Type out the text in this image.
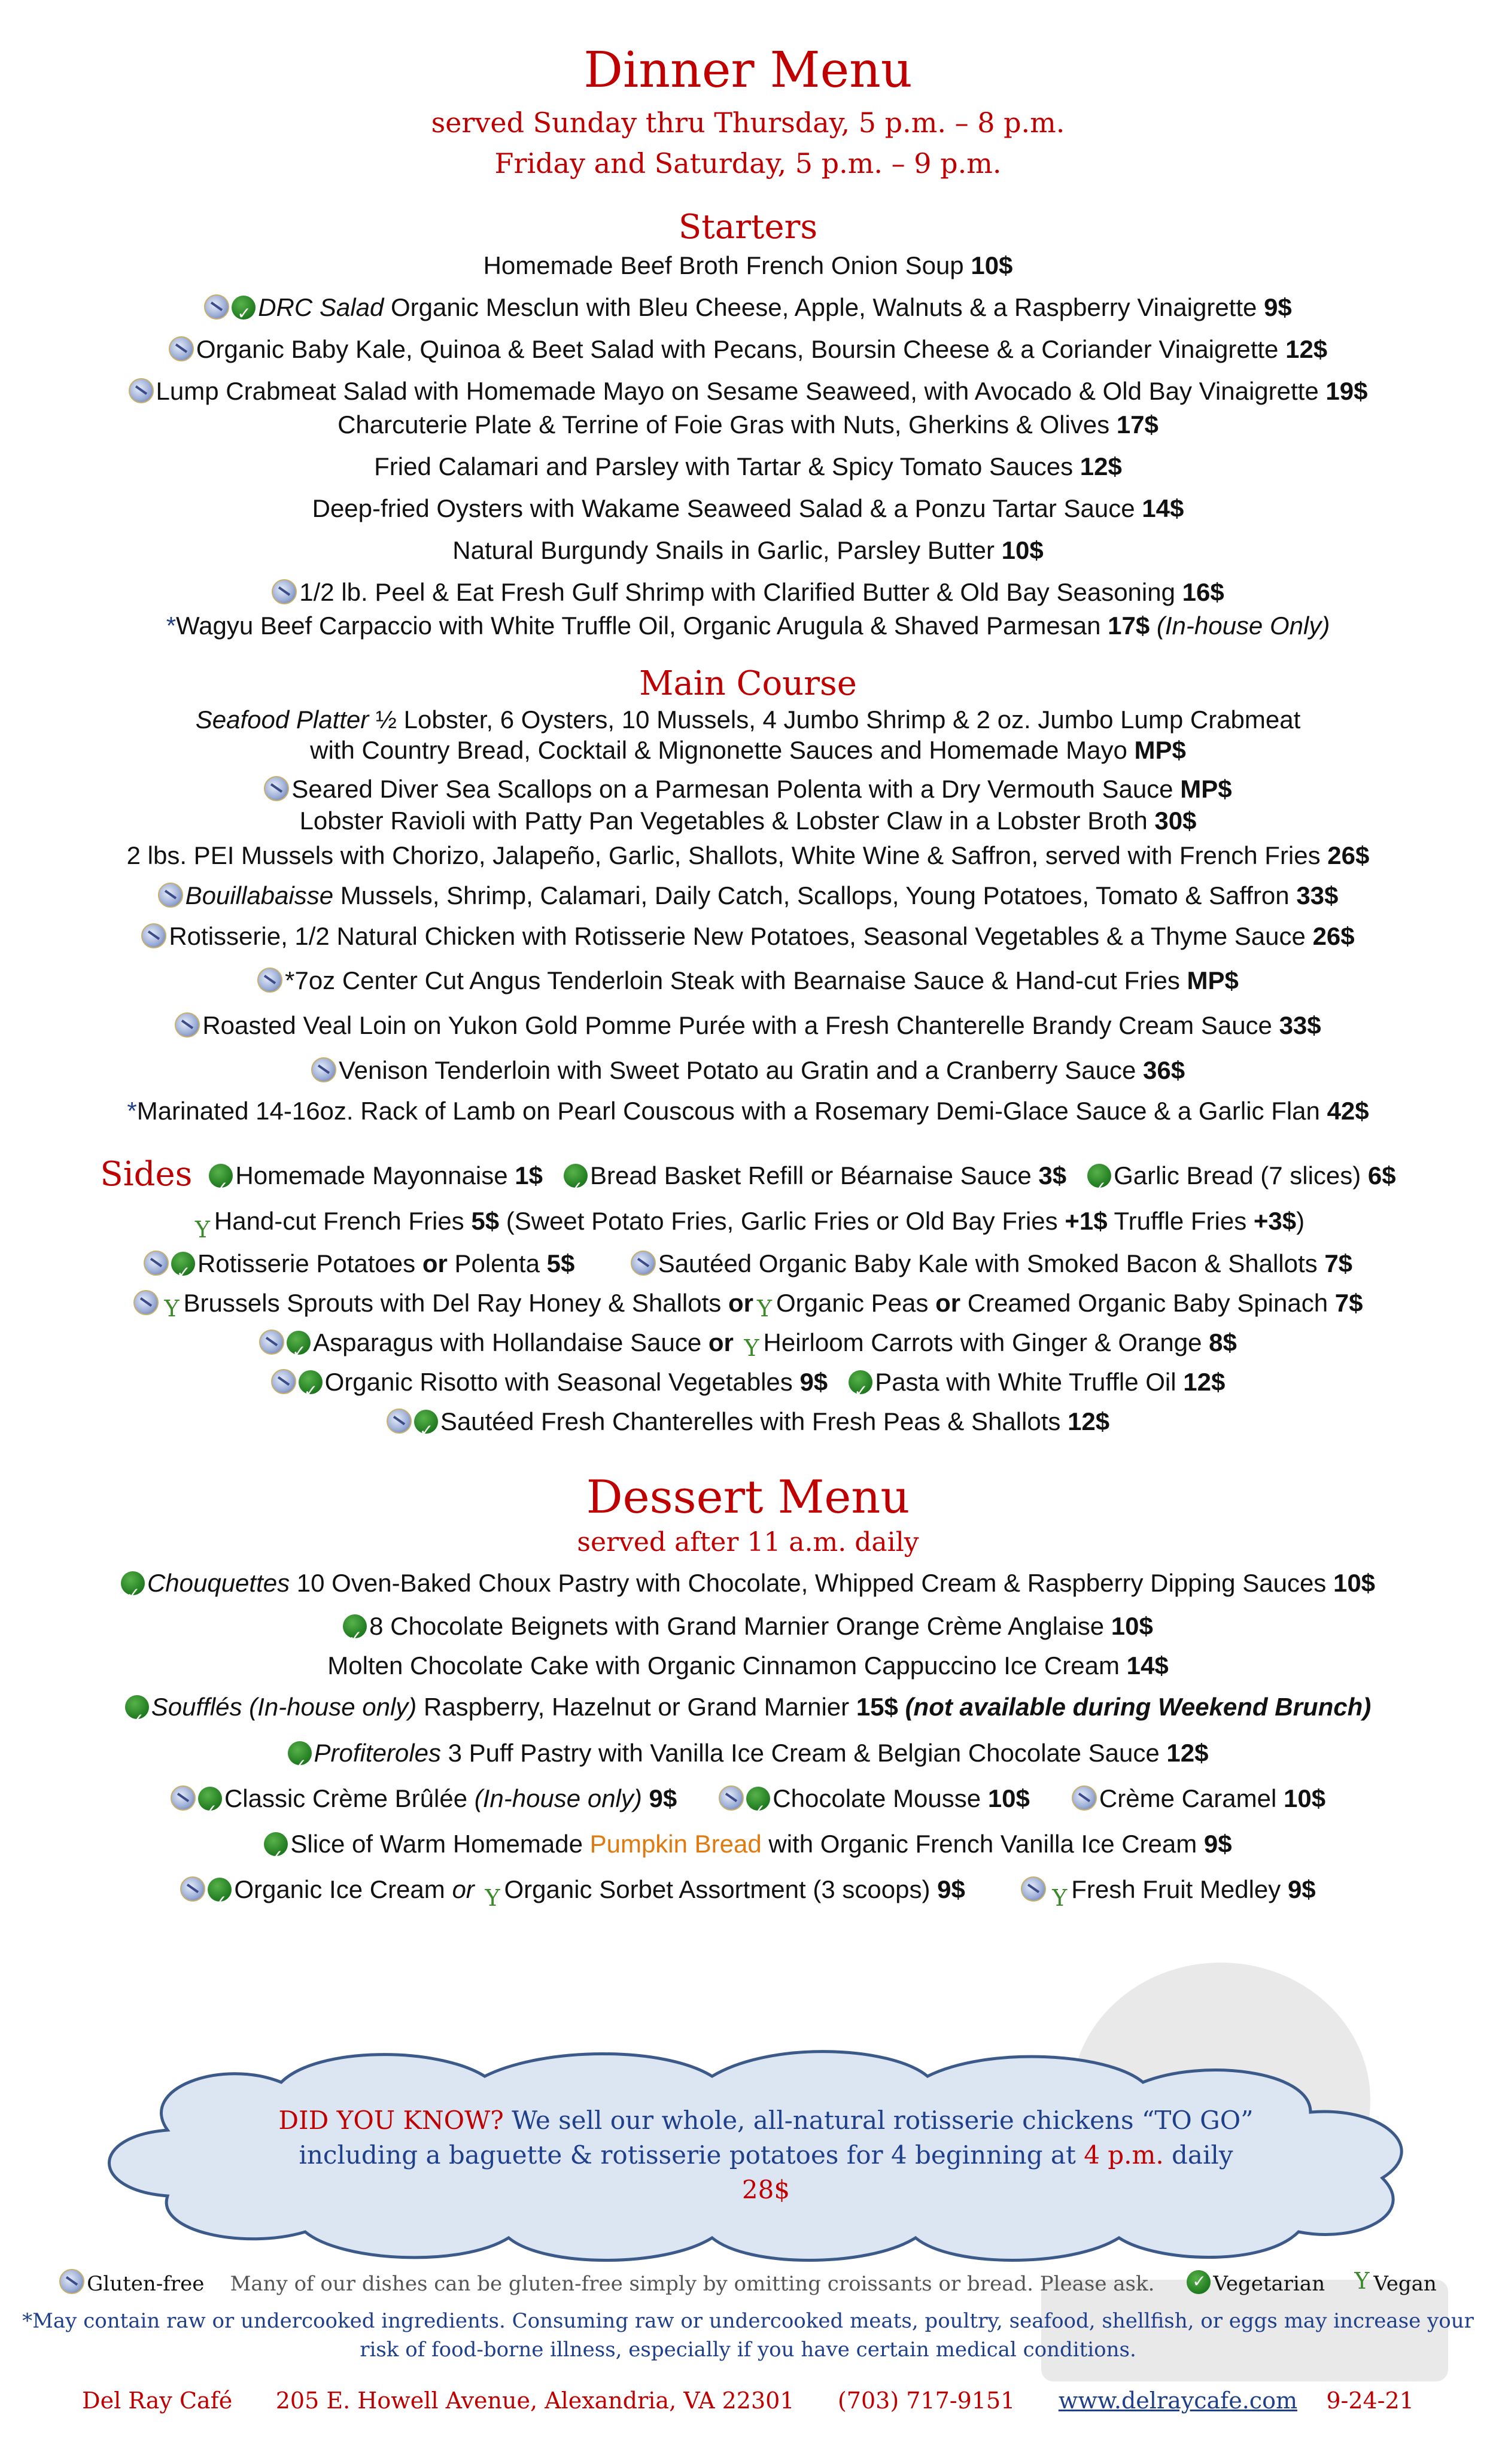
Dinner Menu
served Sunday thru Thursday, 5 p.m. – 8 p.m.
Friday and Saturday, 5 p.m. – 9 p.m.
Starters
Homemade Beef Broth French Onion Soup 10$
✓DRC Salad Organic Mesclun with Bleu Cheese, Apple, Walnuts & a Raspberry Vinaigrette 9$
Organic Baby Kale, Quinoa & Beet Salad with Pecans, Boursin Cheese & a Coriander Vinaigrette 12$
Lump Crabmeat Salad with Homemade Mayo on Sesame Seaweed, with Avocado & Old Bay Vinaigrette 19$
Charcuterie Plate & Terrine of Foie Gras with Nuts, Gherkins & Olives 17$
Fried Calamari and Parsley with Tartar & Spicy Tomato Sauces 12$
Deep-fried Oysters with Wakame Seaweed Salad & a Ponzu Tartar Sauce 14$
Natural Burgundy Snails in Garlic, Parsley Butter 10$
1/2 lb. Peel & Eat Fresh Gulf Shrimp with Clarified Butter & Old Bay Seasoning 16$
*Wagyu Beef Carpaccio with White Truffle Oil, Organic Arugula & Shaved Parmesan 17$ (In-house Only)
Main Course
Seafood Platter ½ Lobster, 6 Oysters, 10 Mussels, 4 Jumbo Shrimp & 2 oz. Jumbo Lump Crabmeat
with Country Bread, Cocktail & Mignonette Sauces and Homemade Mayo MP$
Seared Diver Sea Scallops on a Parmesan Polenta with a Dry Vermouth Sauce MP$
Lobster Ravioli with Patty Pan Vegetables & Lobster Claw in a Lobster Broth 30$
2 lbs. PEI Mussels with Chorizo, Jalapeño, Garlic, Shallots, White Wine & Saffron, served with French Fries 26$
Bouillabaisse Mussels, Shrimp, Calamari, Daily Catch, Scallops, Young Potatoes, Tomato & Saffron 33$
Rotisserie, 1/2 Natural Chicken with Rotisserie New Potatoes, Seasonal Vegetables & a Thyme Sauce 26$
*7oz Center Cut Angus Tenderloin Steak with Bearnaise Sauce & Hand-cut Fries MP$
Roasted Veal Loin on Yukon Gold Pomme Purée with a Fresh Chanterelle Brandy Cream Sauce 33$
Venison Tenderloin with Sweet Potato au Gratin and a Cranberry Sauce 36$
*Marinated 14-16oz. Rack of Lamb on Pearl Couscous with a Rosemary Demi-Glace Sauce & a Garlic Flan 42$
Sides ✓ Homemade Mayonnaise 1$ ✓ Bread Basket Refill or Béarnaise Sauce 3$ ✓ Garlic Bread (7 slices) 6$
YHand-cut French Fries 5$ (Sweet Potato Fries, Garlic Fries or Old Bay Fries +1$ Truffle Fries +3$)
✓Rotisserie Potatoes or Polenta 5$	Sautéed Organic Baby Kale with Smoked Bacon & Shallots 7$
YBrussels Sprouts with Del Ray Honey & Shallots or Y Organic Peas or Creamed Organic Baby Spinach 7$
✓Asparagus with Hollandaise Sauce or Y Heirloom Carrots with Ginger & Orange 8$
✓Organic Risotto with Seasonal Vegetables 9$ ✓ Pasta with White Truffle Oil 12$
✓Sautéed Fresh Chanterelles with Fresh Peas & Shallots 12$
Dessert Menu
served after 11 a.m. daily
✓Chouquettes 10 Oven-Baked Choux Pastry with Chocolate, Whipped Cream & Raspberry Dipping Sauces 10$
✓8 Chocolate Beignets with Grand Marnier Orange Crème Anglaise 10$
Molten Chocolate Cake with Organic Cinnamon Cappuccino Ice Cream 14$
✓Soufflés (In-house only) Raspberry, Hazelnut or Grand Marnier 15$ (not available during Weekend Brunch)
✓Profiteroles 3 Puff Pastry with Vanilla Ice Cream & Belgian Chocolate Sauce 12$
✓Classic Crème Brûlée (In-house only) 9$ ✓	Chocolate Mousse 10$	Crème Caramel 10$
✓Slice of Warm Homemade Pumpkin Bread with Organic French Vanilla Ice Cream 9$
✓Organic Ice Cream or Y Organic Sorbet Assortment (3 scoops) 9$ Y	Fresh Fruit Medley 9$
DID YOU KNOW? We sell our whole, all-natural rotisserie chickens “TO GO”
including a baguette & rotisserie potatoes for 4 beginning at 4 p.m. daily
28$
Gluten-free Many of our dishes can be gluten-free simply by omitting croissants or bread. Please ask. ✓	Vegetarian Y Vegan
*May contain raw or undercooked ingredients. Consuming raw or undercooked meats, poultry, seafood, shellfish, or eggs may increase your
risk of food-borne illness, especially if you have certain medical conditions.
Del Ray Café 205 E. Howell Avenue, Alexandria, VA 22301 (703) 717-9151 www.delraycafe.com 9-24-21
